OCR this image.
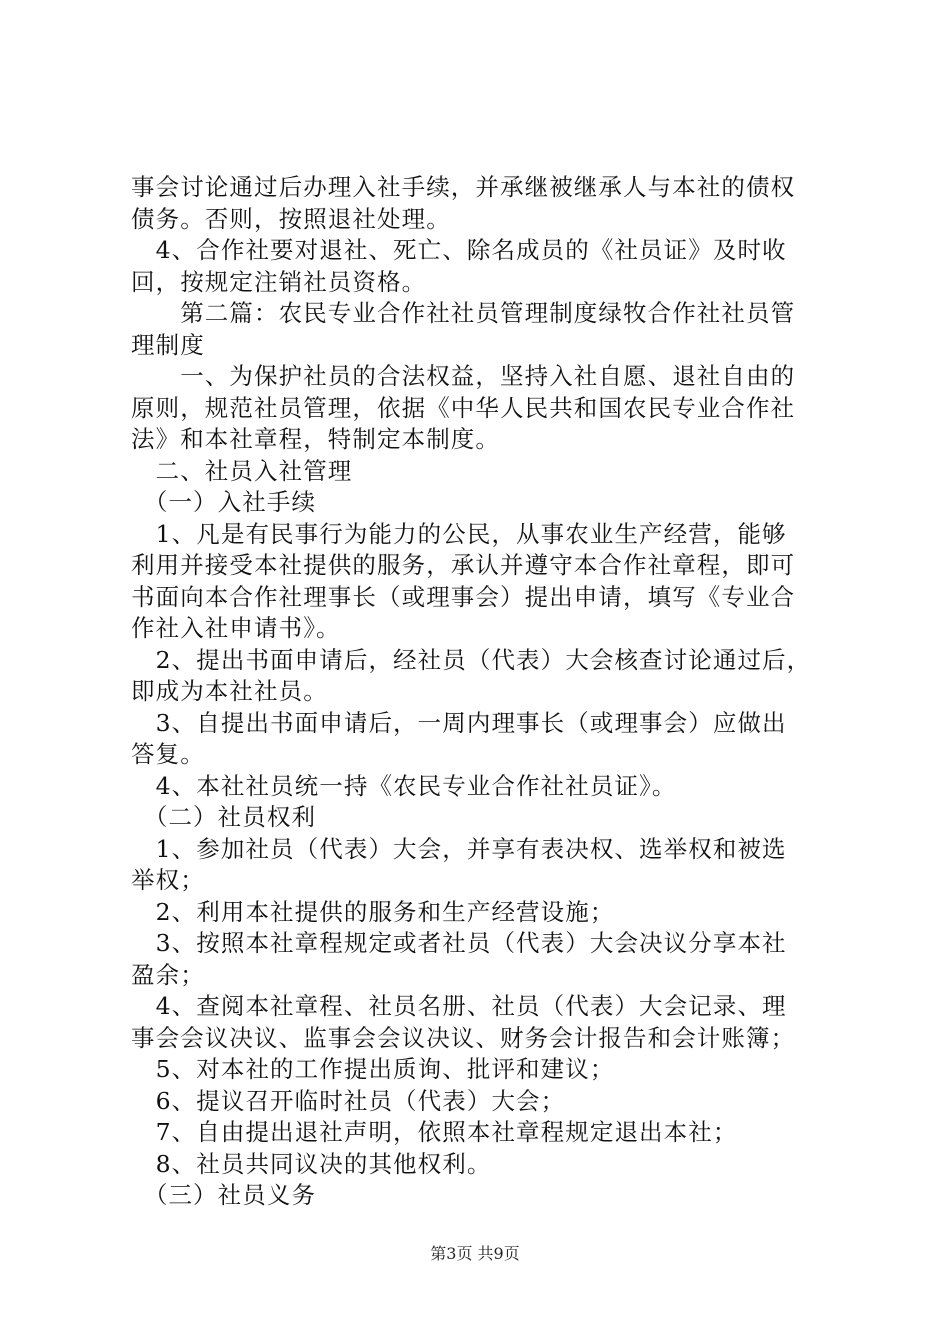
事会讨论通过后办理入社手续，并承继被继承人与本社的债权
债务。否则，按照退社处理。
　4、合作社要对退社、死亡、除名成员的《社员证》及时收
回，按规定注销社员资格。
　　第二篇：农民专业合作社社员管理制度绿牧合作社社员管
理制度
　　一、为保护社员的合法权益，坚持入社自愿、退社自由的
原则，规范社员管理，依据《中华人民共和国农民专业合作社
法》和本社章程，特制定本制度。
　二、社员入社管理
　（一）入社手续
　1、凡是有民事行为能力的公民，从事农业生产经营，能够
利用并接受本社提供的服务，承认并遵守本合作社章程，即可
书面向本合作社理事长（或理事会）提出申请，填写《专业合
作社入社申请书》。
　2、提出书面申请后，经社员（代表）大会核查讨论通过后，
即成为本社社员。
　3、自提出书面申请后，一周内理事长（或理事会）应做出
答复。
　4、本社社员统一持《农民专业合作社社员证》。
　（二）社员权利
　1、参加社员（代表）大会，并享有表决权、选举权和被选
举权；
　2、利用本社提供的服务和生产经营设施；
　3、按照本社章程规定或者社员（代表）大会决议分享本社
盈余；
　4、查阅本社章程、社员名册、社员（代表）大会记录、理
事会会议决议、监事会会议决议、财务会计报告和会计账簿；
　5、对本社的工作提出质询、批评和建议；
　6、提议召开临时社员（代表）大会；
　7、自由提出退社声明，依照本社章程规定退出本社；
　8、社员共同议决的其他权利。
　（三）社员义务
第3页 共9页
